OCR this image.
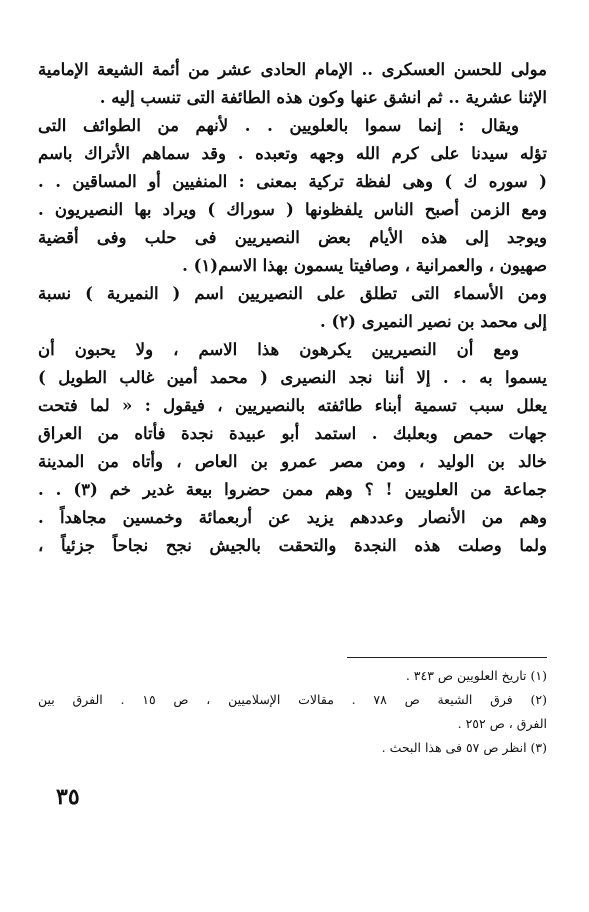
مولى للحسن العسكرى .. الإمام الحادى عشر من أئمة الشيعة الإمامية
الإثنا عشرية .. ثم انشق عنها وكون هذه الطائفة التى تنسب إليه .
ويقال : إنما سموا بالعلويين . . لأنهم من الطوائف التى
تؤله سيدنا على كرم الله وجهه وتعبده . وقد سماهم الأتراك باسم
( سوره ك ) وهى لفظة تركية بمعنى : المنفيين أو المساقين . .
ومع الزمن أصبح الناس يلفظونها ( سوراك ) ويراد بها النصيريون .
ويوجد إلى هذه الأيام بعض النصيريين فى حلب وفى أقضية
صهيون ، والعمرانية ، وصافيتا يسمون بهذا الاسم(١) .
ومن الأسماء التى تطلق على النصيريين اسم ( النميرية ) نسبة
إلى محمد بن نصير النميرى (٢) .
ومع أن النصيريين يكرهون هذا الاسم ، ولا يحبون أن
يسموا به . . إلا أننا نجد النصيرى ( محمد أمين غالب الطويل )
يعلل سبب تسمية أبناء طائفته بالنصيريين ، فيقول : « لما فتحت
جهات حمص وبعلبك . استمد أبو عبيدة نجدة فأتاه من العراق
خالد بن الوليد ، ومن مصر عمرو بن العاص ، وأتاه من المدينة
جماعة من العلويين ! ؟ وهم ممن حضروا بيعة غدير خم (٣) . .
وهم من الأنصار وعددهم يزيد عن أربعمائة وخمسين مجاهداً .
ولما وصلت هذه النجدة والتحقت بالجيش نجح نجاحاً جزئياً ،
(١) تاريخ العلويين ص ٣٤٣ .
(٢) فرق الشيعة ص ٧٨ . مقالات الإسلاميين ، ص ١٥ . الفرق بين
الفرق ، ص ٢٥٢ .
(٣) انظر ص ٥٧ فى هذا البحث .
٣٥
